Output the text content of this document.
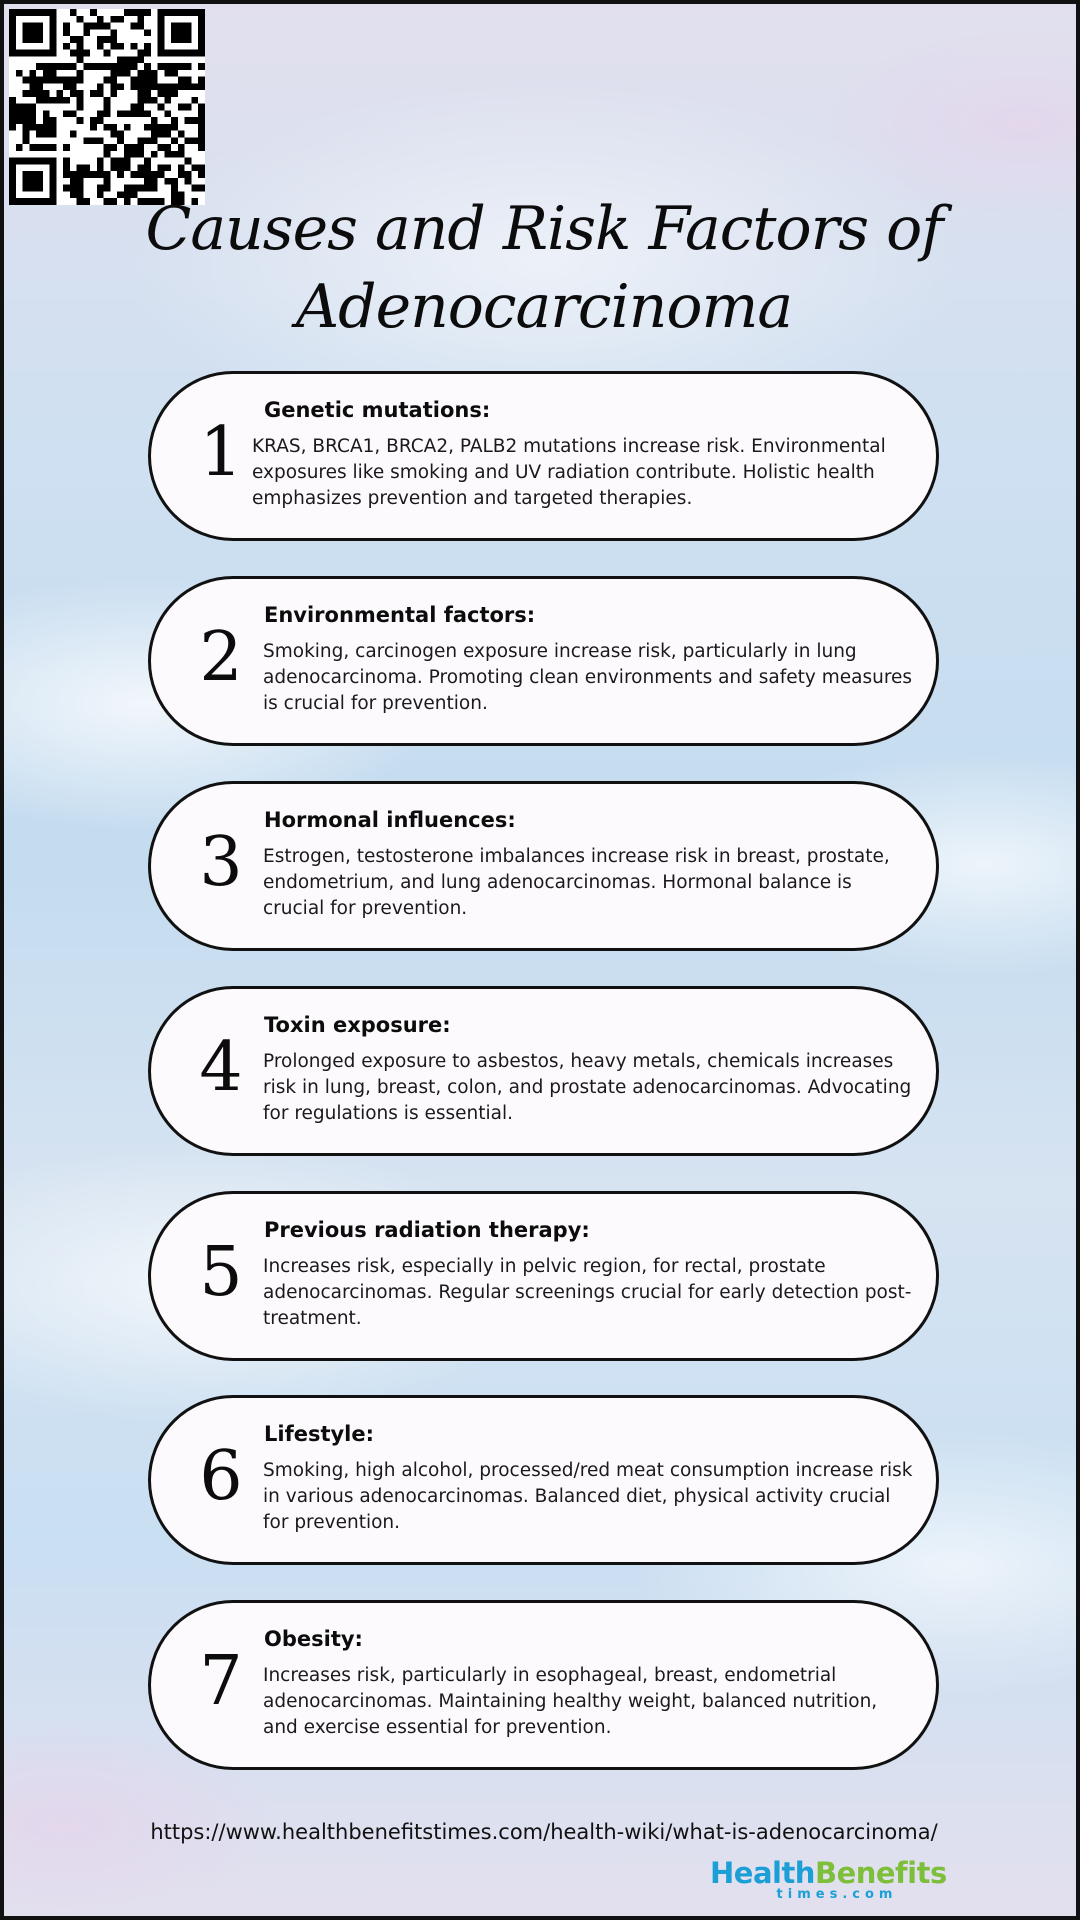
Causes and Risk Factors of
Adenocarcinoma
1
Genetic mutations:
KRAS, BRCA1, BRCA2, PALB2 mutations increase risk. Environmental exposures like smoking and UV radiation contribute. Holistic health emphasizes prevention and targeted therapies.
2
Environmental factors:
Smoking, carcinogen exposure increase risk, particularly in lung adenocarcinoma. Promoting clean environments and safety measures is crucial for prevention.
3
Hormonal influences:
Estrogen, testosterone imbalances increase risk in breast, prostate, endometrium, and lung adenocarcinomas. Hormonal balance is crucial for prevention.
4
Toxin exposure:
Prolonged exposure to asbestos, heavy metals, chemicals increases risk in lung, breast, colon, and prostate adenocarcinomas. Advocating for regulations is essential.
5
Previous radiation therapy:
Increases risk, especially in pelvic region, for rectal, prostate adenocarcinomas. Regular screenings crucial for early detection post-treatment.
6
Lifestyle:
Smoking, high alcohol, processed/red meat consumption increase risk in various adenocarcinomas. Balanced diet, physical activity crucial for prevention.
7
Obesity:
Increases risk, particularly in esophageal, breast, endometrial adenocarcinomas. Maintaining healthy weight, balanced nutrition, and exercise essential for prevention.
https://www.healthbenefitstimes.com/health-wiki/what-is-adenocarcinoma/
HealthBenefits
times.com
